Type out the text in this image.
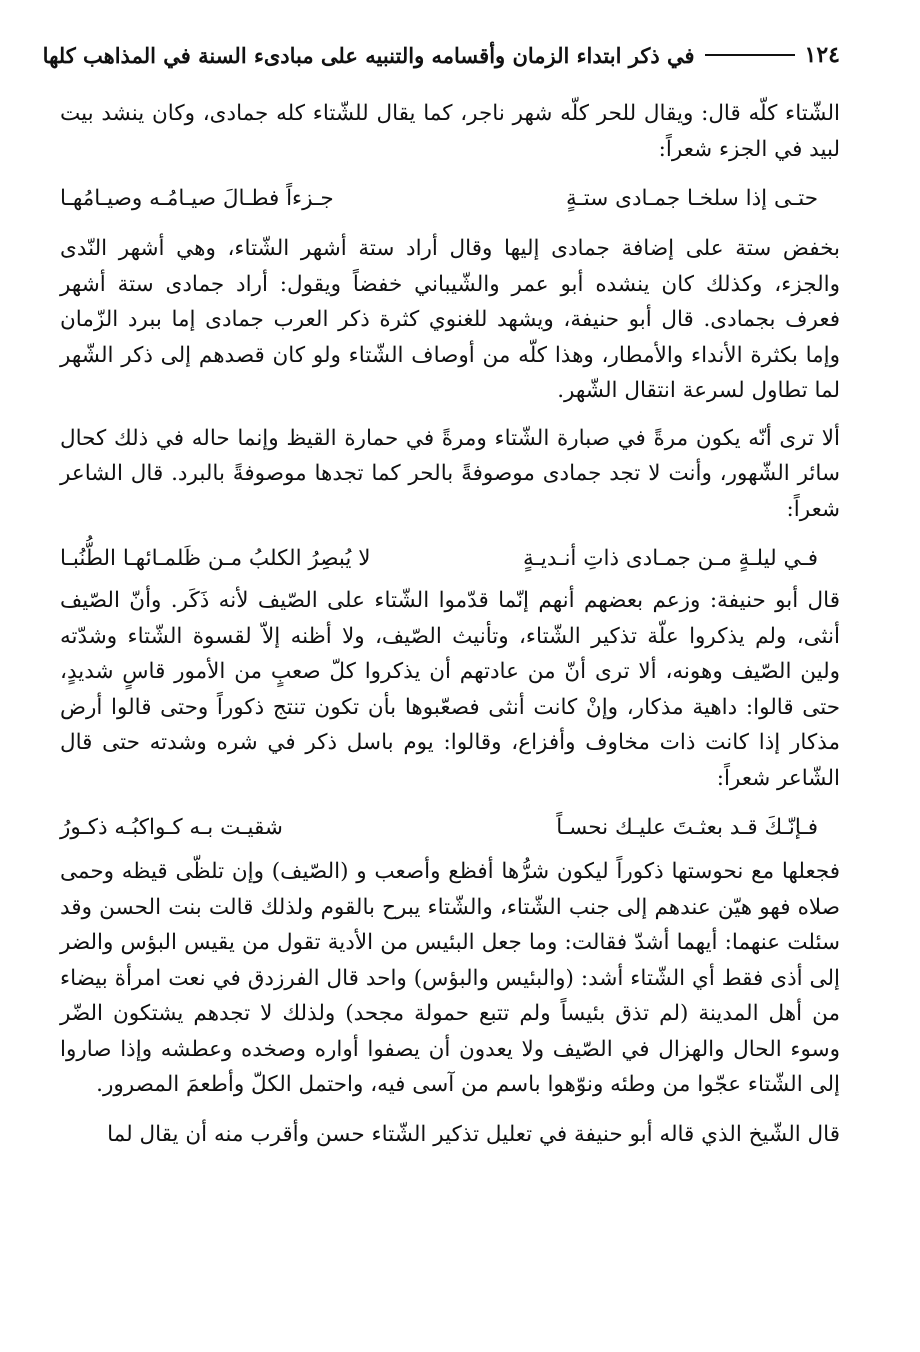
١٢٤
في ذكر ابتداء الزمان وأقسامه والتنبيه على مبادىء السنة في المذاهب كلها

الشّتاء كلّه قال: ويقال للحر كلّه شهر ناجر، كما يقال للشّتاء كله جمادى، وكان ينشد بيت لبيد في الجزء شعراً:

حتـى إذا سلخـا جمـادى ستـةٍ
جـزءاً فطـالَ صيـامُـه وصيـامُهـا

بخفض ستة على إضافة جمادى إليها وقال أراد ستة أشهر الشّتاء، وهي أشهر النّدى والجزء، وكذلك كان ينشده أبو عمر والشّيباني خفضاً ويقول: أراد جمادى ستة أشهر فعرف بجمادى. قال أبو حنيفة، ويشهد للغنوي كثرة ذكر العرب جمادى إما ببرد الزّمان وإما بكثرة الأنداء والأمطار، وهذا كلّه من أوصاف الشّتاء ولو كان قصدهم إلى ذكر الشّهر لما تطاول لسرعة انتقال الشّهر.

ألا ترى أنّه يكون مرةً في صبارة الشّتاء ومرةً في حمارة القيظ وإنما حاله في ذلك كحال سائر الشّهور، وأنت لا تجد جمادى موصوفةً بالحر كما تجدها موصوفةً بالبرد. قال الشاعر شعراً:

فـي ليلـةٍ مـن جمـادى ذاتِ أنـديـةٍ
لا يُبصِرُ الكلبُ مـن ظَلمـائهـا الطُّنُبـا

قال أبو حنيفة: وزعم بعضهم أنهم إنّما قدّموا الشّتاء على الصّيف لأنه ذَكَر. وأنّ الصّيف أنثى، ولم يذكروا علّة تذكير الشّتاء، وتأنيث الصّيف، ولا أظنه إلاّ لقسوة الشّتاء وشدّته ولين الصّيف وهونه، ألا ترى أنّ من عادتهم أن يذكروا كلّ صعبٍ من الأمور قاسٍ شديدٍ، حتى قالوا: داهية مذكار، وإنْ كانت أنثى فصعّبوها بأن تكون تنتج ذكوراً وحتى قالوا أرض مذكار إذا كانت ذات مخاوف وأفزاع، وقالوا: يوم باسل ذكر في شره وشدته حتى قال الشّاعر شعراً:

فـإنّـكَ قـد بعثـتَ عليـك نحسـاً
شقيـت بـه كـواكبُـه ذكـورُ

فجعلها مع نحوستها ذكوراً ليكون شرُّها أفظع وأصعب و (الصّيف) وإن تلظّى قيظه وحمى صلاه فهو هيّن عندهم إلى جنب الشّتاء، والشّتاء يبرح بالقوم ولذلك قالت بنت الحسن وقد سئلت عنهما: أيهما أشدّ فقالت: وما جعل البئيس من الأدية تقول من يقيس البؤس والضر إلى أذى فقط أي الشّتاء أشد: (والبئيس والبؤس) واحد قال الفرزدق في نعت امرأة بيضاء من أهل المدينة (لم تذق بئيساً ولم تتبع حمولة مجحد) ولذلك لا تجدهم يشتكون الضّر وسوء الحال والهزال في الصّيف ولا يعدون أن يصفوا أواره وصخده وعطشه وإذا صاروا إلى الشّتاء عجّوا من وطئه ونوّهوا باسم من آسى فيه، واحتمل الكلّ وأطعمَ المصرور.

قال الشّيخ الذي قاله أبو حنيفة في تعليل تذكير الشّتاء حسن وأقرب منه أن يقال لما
